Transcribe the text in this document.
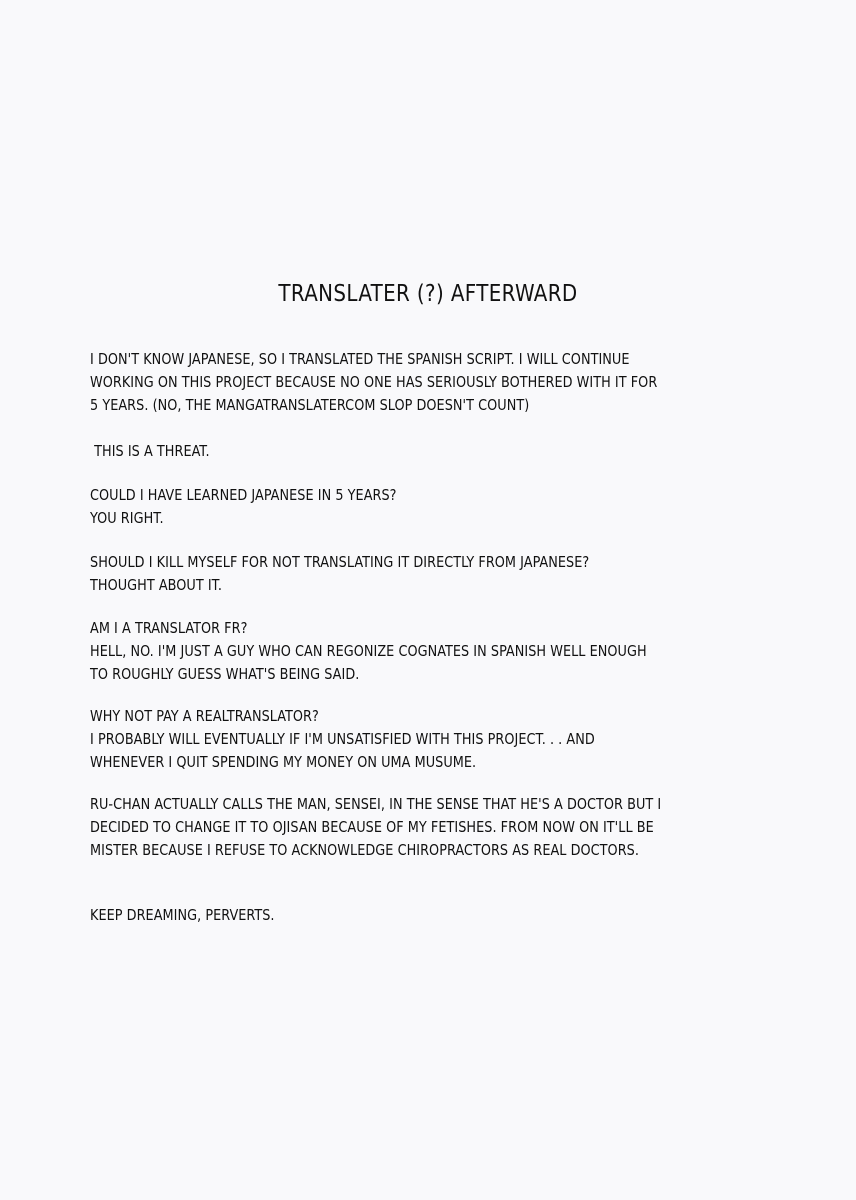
TRANSLATER (?) AFTERWARD
I DON'T KNOW JAPANESE, SO I TRANSLATED THE SPANISH SCRIPT. I WILL CONTINUE
WORKING ON THIS PROJECT BECAUSE NO ONE HAS SERIOUSLY BOTHERED WITH IT FOR
5 YEARS. (NO, THE MANGATRANSLATERCOM SLOP DOESN'T COUNT)
THIS IS A THREAT.
COULD I HAVE LEARNED JAPANESE IN 5 YEARS?
YOU RIGHT.
SHOULD I KILL MYSELF FOR NOT TRANSLATING IT DIRECTLY FROM JAPANESE?
THOUGHT ABOUT IT.
AM I A TRANSLATOR FR?
HELL, NO. I'M JUST A GUY WHO CAN REGONIZE COGNATES IN SPANISH WELL ENOUGH
TO ROUGHLY GUESS WHAT'S BEING SAID.
WHY NOT PAY A REALTRANSLATOR?
I PROBABLY WILL EVENTUALLY IF I'M UNSATISFIED WITH THIS PROJECT. . . AND
WHENEVER I QUIT SPENDING MY MONEY ON UMA MUSUME.
RU-CHAN ACTUALLY CALLS THE MAN, SENSEI, IN THE SENSE THAT HE'S A DOCTOR BUT I
DECIDED TO CHANGE IT TO OJISAN BECAUSE OF MY FETISHES. FROM NOW ON IT'LL BE
MISTER BECAUSE I REFUSE TO ACKNOWLEDGE CHIROPRACTORS AS REAL DOCTORS.
KEEP DREAMING, PERVERTS.
